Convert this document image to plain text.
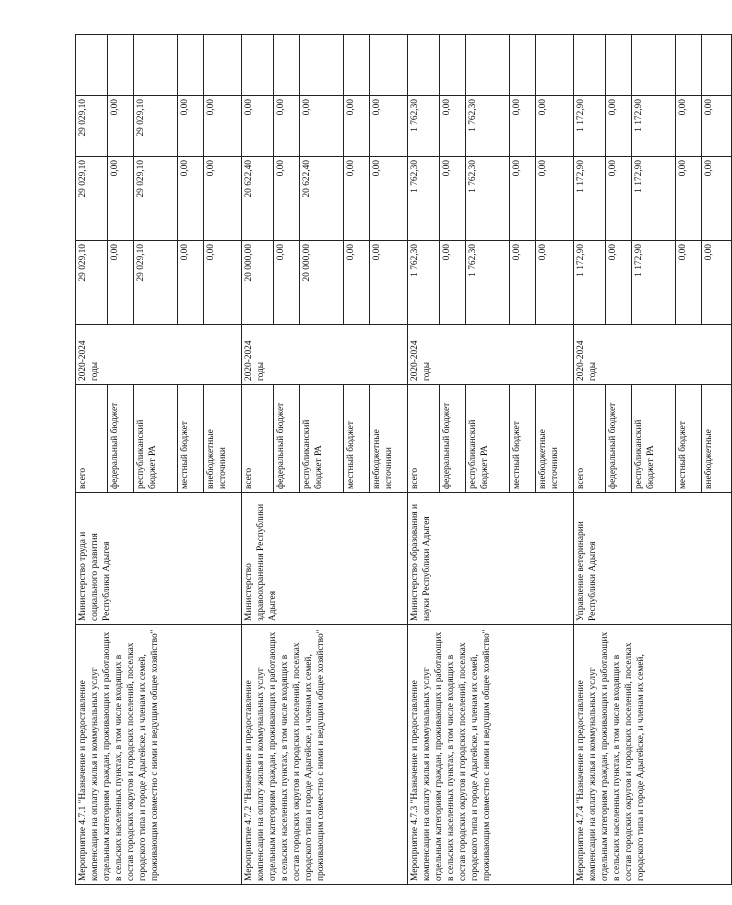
Мероприятие 4.7.1 "Назначение и предоставление компенсации на оплату жилья и коммунальных услуг отдельным категориям граждан, проживающих и работающих в сельских населенных пунктах, в том числе входящих в состав городских округов и городских поселений, поселках городского типа и городе Адыгейске, и членам их семей, проживающим совместно с ними и ведущим общее хозяйство"	Министерство труда и социального развития Республики Адыгея	всего	2020-2024 годы	29 029,10	29 029,10	29 029,10	
		федеральный бюджет		0,00	0,00	0,00	
		республиканский бюджет РА		29 029,10	29 029,10	29 029,10	
		местный бюджет		0,00	0,00	0,00	
		внебюджетные источники		0,00	0,00	0,00	
Мероприятие 4.7.2 "Назначение и предоставление компенсации на оплату жилья и коммунальных услуг отдельным категориям граждан, проживающих и работающих в сельских населенных пунктах, в том числе входящих в состав городских округов и городских поселений, поселках городского типа и городе Адыгейске, и членам их семей, проживающим совместно с ними и ведущим общее хозяйство"	Министерство здравоохранения Республики Адыгея	всего	2020-2024 годы	20 000,00	20 622,40	0,00	
		федеральный бюджет		0,00	0,00	0,00	
		республиканский бюджет РА		20 000,00	20 622,40	0,00	
		местный бюджет		0,00	0,00	0,00	
		внебюджетные источники		0,00	0,00	0,00	
Мероприятие 4.7.3 "Назначение и предоставление компенсации на оплату жилья и коммунальных услуг отдельным категориям граждан, проживающих и работающих в сельских населенных пунктах, в том числе входящих в состав городских округов и городских поселений, поселках городского типа и городе Адыгейске, и членам их семей, проживающим совместно с ними и ведущим общее хозяйство"	Министерство образования и науки Республики Адыгея	всего	2020-2024 годы	1 762,30	1 762,30	1 762,30	
		федеральный бюджет		0,00	0,00	0,00	
		республиканский бюджет РА		1 762,30	1 762,30	1 762,30	
		местный бюджет		0,00	0,00	0,00	
		внебюджетные источники		0,00	0,00	0,00	
Мероприятие 4.7.4 "Назначение и предоставление компенсации на оплату жилья и коммунальных услуг отдельным категориям граждан, проживающих и работающих в сельских населенных пунктах, в том числе входящих в состав городских округов и городских поселений, поселках городского типа и городе Адыгейске, и членам их семей,	Управление ветеринарии Республики Адыгея	всего	2020-2024 годы	1 172,90	1 172,90	1 172,90	
		федеральный бюджет		0,00	0,00	0,00	
		республиканский бюджет РА		1 172,90	1 172,90	1 172,90	
		местный бюджет		0,00	0,00	0,00	
		внебюджетные		0,00	0,00	0,00	
